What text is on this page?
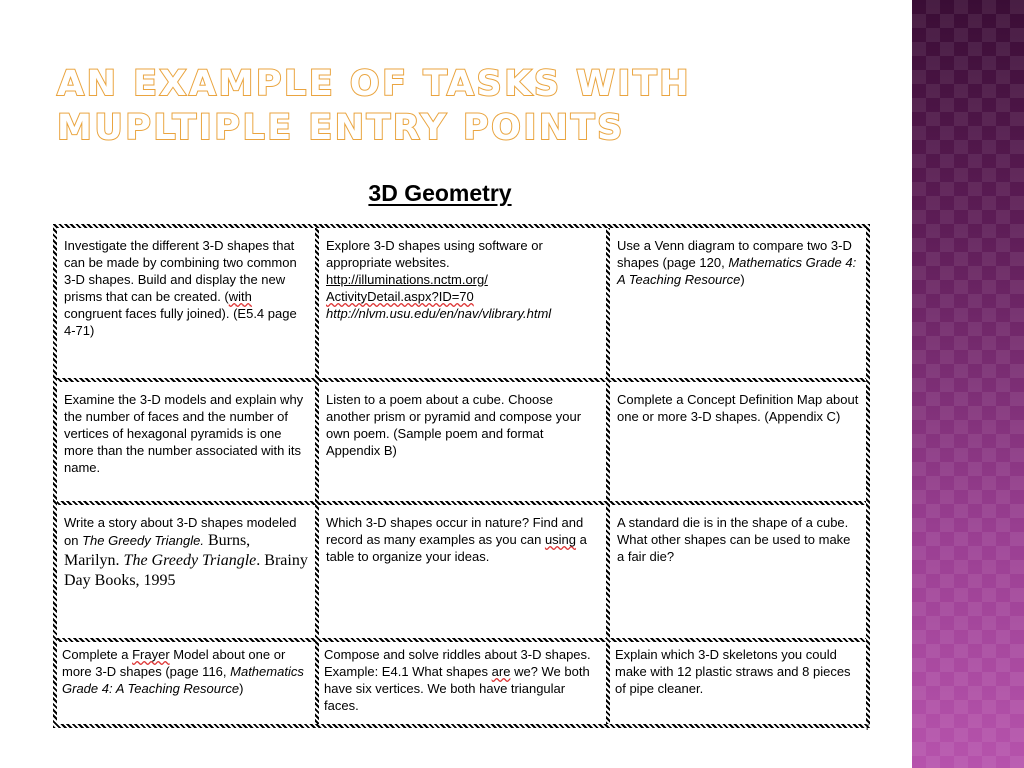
AN EXAMPLE OF TASKS WITH
MUPLTIPLE ENTRY POINTS
3D Geometry
Investigate the different 3-D shapes that can be made by combining two common 3-D shapes. Build and display the new prisms that can be created. (with congruent faces fully joined). (E5.4 page 4-71)
Explore 3-D shapes using software or appropriate websites. http://illuminations.nctm.org/ ActivityDetail.aspx?ID=70 http://nlvm.usu.edu/en/nav/vlibrary.html
Use a Venn diagram to compare two 3-D shapes (page 120, Mathematics Grade 4: A Teaching Resource)
Examine the 3-D models and explain why the number of faces and the number of vertices of hexagonal pyramids is one more than the number associated with its name.
Listen to a poem about a cube. Choose another prism or pyramid and compose your own poem. (Sample poem and format Appendix B)
Complete a Concept Definition Map about one or more 3-D shapes. (Appendix C)
Write a story about 3-D shapes modeled on The Greedy Triangle. Burns, Marilyn. The Greedy Triangle. Brainy Day Books, 1995
Which 3-D shapes occur in nature? Find and record as many examples as you can using a table to organize your ideas.
A standard die is in the shape of a cube. What other shapes can be used to make a fair die?
Complete a Frayer Model about one or more 3-D shapes (page 116, Mathematics Grade 4: A Teaching Resource)
Compose and solve riddles about 3-D shapes. Example: E4.1 What shapes are we? We both have six vertices. We both have triangular faces.
Explain which 3-D skeletons you could make with 12 plastic straws and 8 pieces of pipe cleaner.
r
